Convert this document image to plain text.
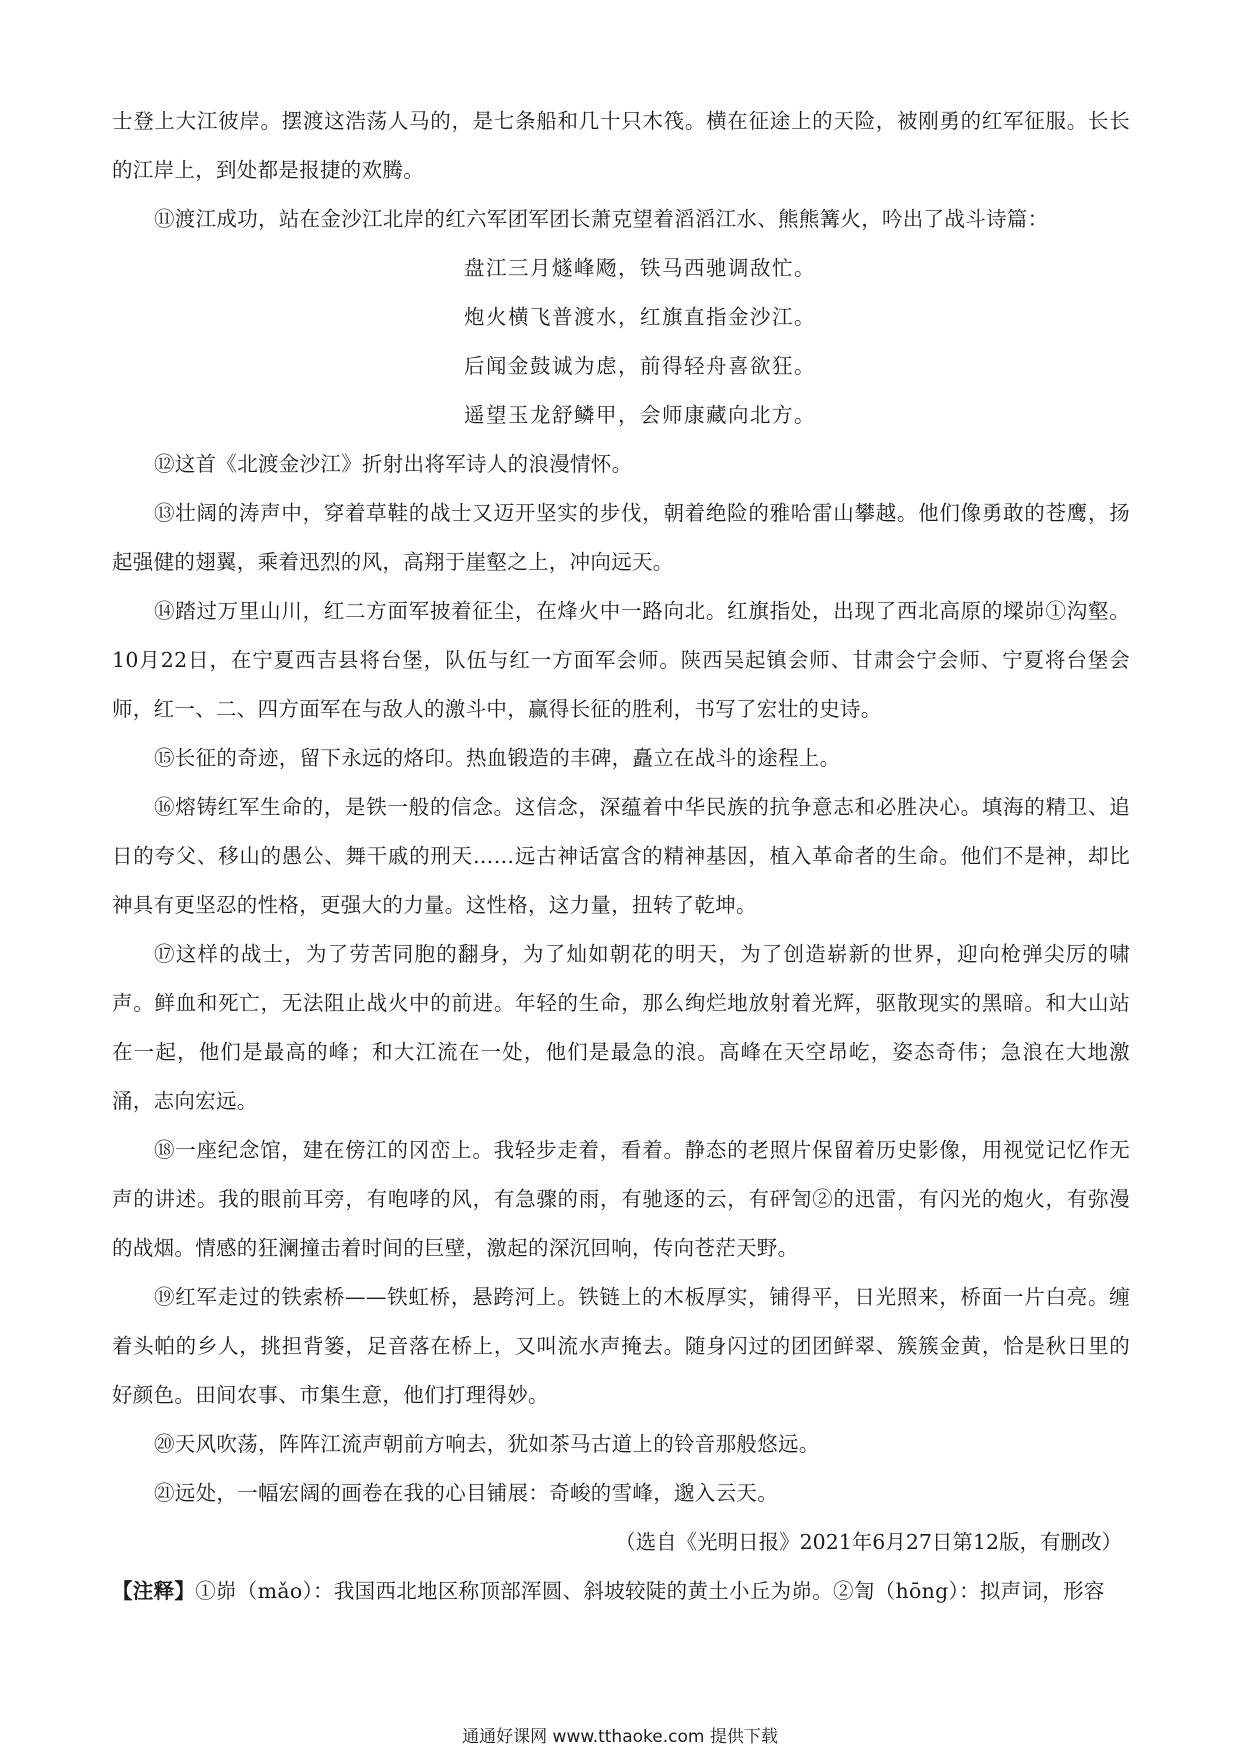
士登上大江彼岸。摆渡这浩荡人马的，是七条船和几十只木筏。横在征途上的天险，被刚勇的红军征服。长长的江岸上，到处都是报捷的欢腾。

⑪渡江成功，站在金沙江北岸的红六军团军团长萧克望着滔滔江水、熊熊篝火，吟出了战斗诗篇：

盘江三月燧峰飏，铁马西驰调敌忙。
炮火横飞普渡水，红旗直指金沙江。
后闻金鼓诚为虑，前得轻舟喜欲狂。
遥望玉龙舒鳞甲，会师康藏向北方。

⑫这首《北渡金沙江》折射出将军诗人的浪漫情怀。

⑬壮阔的涛声中，穿着草鞋的战士又迈开坚实的步伐，朝着绝险的雅哈雷山攀越。他们像勇敢的苍鹰，扬起强健的翅翼，乘着迅烈的风，高翔于崖壑之上，冲向远天。

⑭踏过万里山川，红二方面军披着征尘，在烽火中一路向北。红旗指处，出现了西北高原的墚峁①沟壑。10月22日，在宁夏西吉县将台堡，队伍与红一方面军会师。陕西吴起镇会师、甘肃会宁会师、宁夏将台堡会师，红一、二、四方面军在与敌人的激斗中，赢得长征的胜利，书写了宏壮的史诗。

⑮长征的奇迹，留下永远的烙印。热血锻造的丰碑，矗立在战斗的途程上。

⑯熔铸红军生命的，是铁一般的信念。这信念，深蕴着中华民族的抗争意志和必胜决心。填海的精卫、追日的夸父、移山的愚公、舞干戚的刑天……远古神话富含的精神基因，植入革命者的生命。他们不是神，却比神具有更坚忍的性格，更强大的力量。这性格，这力量，扭转了乾坤。

⑰这样的战士，为了劳苦同胞的翻身，为了灿如朝花的明天，为了创造崭新的世界，迎向枪弹尖厉的啸声。鲜血和死亡，无法阻止战火中的前进。年轻的生命，那么绚烂地放射着光辉，驱散现实的黑暗。和大山站在一起，他们是最高的峰；和大江流在一处，他们是最急的浪。高峰在天空昂屹，姿态奇伟；急浪在大地激涌，志向宏远。

⑱一座纪念馆，建在傍江的冈峦上。我轻步走着，看着。静态的老照片保留着历史影像，用视觉记忆作无声的讲述。我的眼前耳旁，有咆哮的风，有急骤的雨，有驰逐的云，有砰訇②的迅雷，有闪光的炮火，有弥漫的战烟。情感的狂澜撞击着时间的巨壁，激起的深沉回响，传向苍茫天野。

⑲红军走过的铁索桥——铁虹桥，悬跨河上。铁链上的木板厚实，铺得平，日光照来，桥面一片白亮。缠着头帕的乡人，挑担背篓，足音落在桥上，又叫流水声掩去。随身闪过的团团鲜翠、簇簇金黄，恰是秋日里的好颜色。田间农事、市集生意，他们打理得妙。

⑳天风吹荡，阵阵江流声朝前方响去，犹如茶马古道上的铃音那般悠远。

㉑远处，一幅宏阔的画卷在我的心目铺展：奇峻的雪峰，邈入云天。

（选自《光明日报》2021年6月27日第12版，有删改）

【注释】①峁（mǎo）：我国西北地区称顶部浑圆、斜坡较陡的黄土小丘为峁。②訇（hōng）：拟声词，形容

通通好课网 www.tthaoke.com 提供下载
